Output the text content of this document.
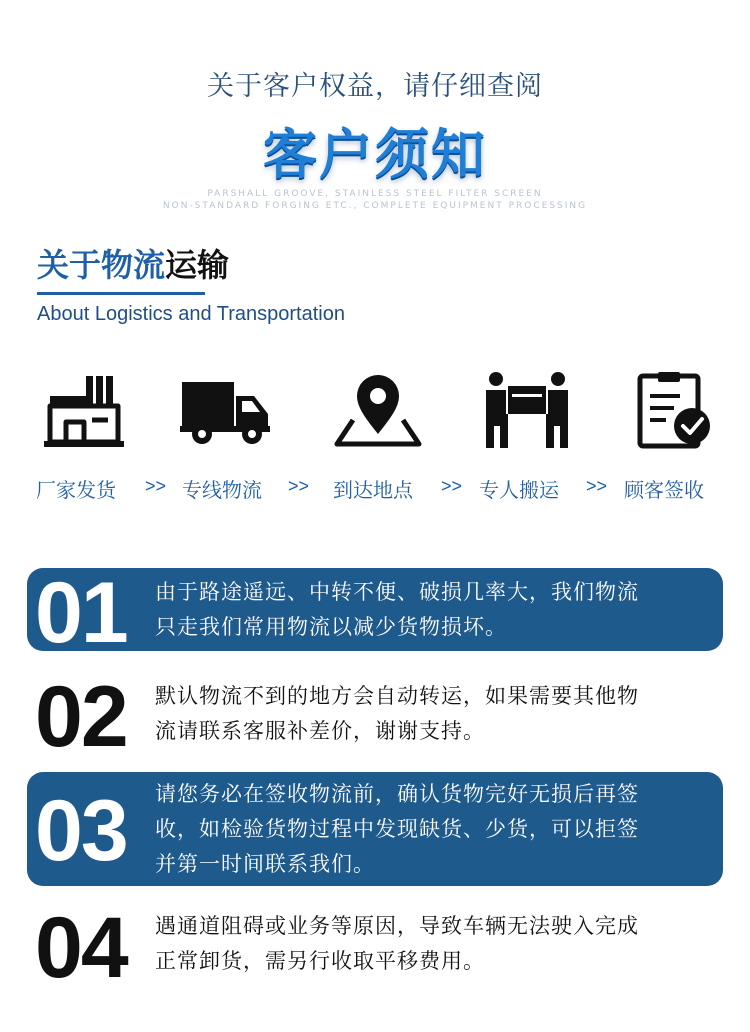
关于客户权益，请仔细查阅
客户须知
PARSHALL GROOVE, STAINLESS STEEL FILTER SCREEN
NON-STANDARD FORGING ETC., COMPLETE EQUIPMENT PROCESSING
关于物流运输
About Logistics and Transportation
厂家发货 >> 专线物流 >> 到达地点 >> 专人搬运 >> 顾客签收
01 由于路途遥远、中转不便、破损几率大，我们物流
只走我们常用物流以减少货物损坏。
02 默认物流不到的地方会自动转运，如果需要其他物
流请联系客服补差价，谢谢支持。
03 请您务必在签收物流前，确认货物完好无损后再签
收，如检验货物过程中发现缺货、少货，可以拒签
并第一时间联系我们。
04 遇通道阻碍或业务等原因，导致车辆无法驶入完成
正常卸货，需另行收取平移费用。
